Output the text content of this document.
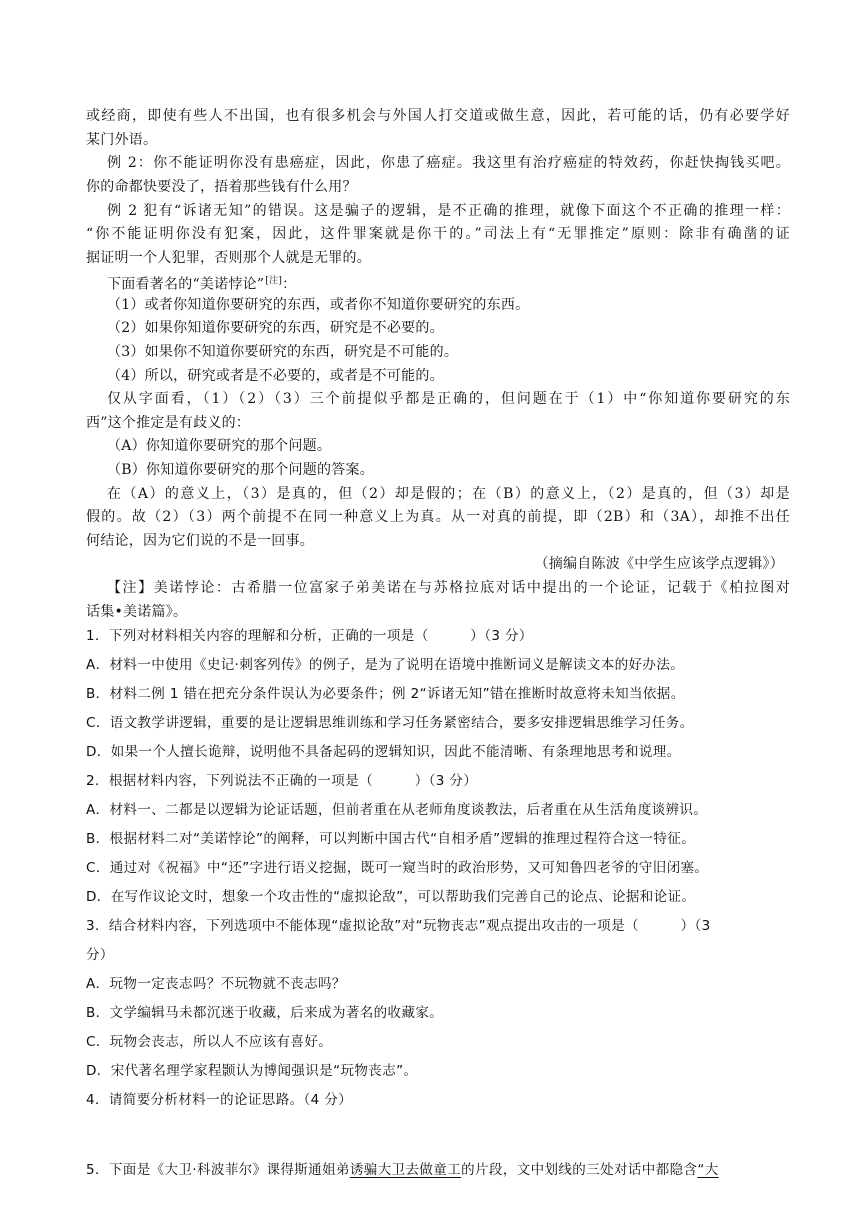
或经商，即使有些人不出国，也有很多机会与外国人打交道或做生意，因此，若可能的话，仍有必要学好
某门外语。
例 2：你不能证明你没有患癌症，因此，你患了癌症。我这里有治疗癌症的特效药，你赶快掏钱买吧。
你的命都快要没了，捂着那些钱有什么用？
例 2 犯有“诉诸无知”的错误。这是骗子的逻辑，是不正确的推理，就像下面这个不正确的推理一样：
“你不能证明你没有犯案，因此，这件罪案就是你干的。”司法上有“无罪推定”原则：除非有确凿的证
据证明一个人犯罪，否则那个人就是无罪的。
下面看著名的“美诺悖论”[注]：
（1）或者你知道你要研究的东西，或者你不知道你要研究的东西。
（2）如果你知道你要研究的东西，研究是不必要的。
（3）如果你不知道你要研究的东西，研究是不可能的。
（4）所以，研究或者是不必要的，或者是不可能的。
仅从字面看，（1）（2）（3）三个前提似乎都是正确的，但问题在于（1）中“你知道你要研究的东
西”这个推定是有歧义的：
（A）你知道你要研究的那个问题。
（B）你知道你要研究的那个问题的答案。
在（A）的意义上，（3）是真的，但（2）却是假的；在（B）的意义上，（2）是真的，但（3）却是
假的。故（2）（3）两个前提不在同一种意义上为真。从一对真的前提，即（2B）和（3A），却推不出任
何结论，因为它们说的不是一回事。
（摘编自陈波《中学生应该学点逻辑》）
【注】美诺悖论：古希腊一位富家子弟美诺在与苏格拉底对话中提出的一个论证，记载于《柏拉图对
话集•美诺篇》。
1．下列对材料相关内容的理解和分析，正确的一项是（　　　）（3 分）
A．材料一中使用《史记·刺客列传》的例子，是为了说明在语境中推断词义是解读文本的好办法。
B．材料二例 1 错在把充分条件误认为必要条件；例 2“诉诸无知”错在推断时故意将未知当依据。
C．语文教学讲逻辑，重要的是让逻辑思维训练和学习任务紧密结合，要多安排逻辑思维学习任务。
D．如果一个人擅长诡辩，说明他不具备起码的逻辑知识，因此不能清晰、有条理地思考和说理。
2．根据材料内容，下列说法不正确的一项是（　　　）（3 分）
A．材料一、二都是以逻辑为论证话题，但前者重在从老师角度谈教法，后者重在从生活角度谈辨识。
B．根据材料二对“美诺悖论”的阐释，可以判断中国古代“自相矛盾”逻辑的推理过程符合这一特征。
C．通过对《祝福》中“还”字进行语义挖掘，既可一窥当时的政治形势，又可知鲁四老爷的守旧闭塞。
D．在写作议论文时，想象一个攻击性的“虚拟论敌”，可以帮助我们完善自己的论点、论据和论证。
3．结合材料内容，下列选项中不能体现“虚拟论敌”对“玩物丧志”观点提出攻击的一项是（　　　）（3
分）
A．玩物一定丧志吗？不玩物就不丧志吗？
B．文学编辑马未都沉迷于收藏，后来成为著名的收藏家。
C．玩物会丧志，所以人不应该有喜好。
D．宋代著名理学家程颢认为博闻强识是“玩物丧志”。
4．请简要分析材料一的论证思路。（4 分）
5．下面是《大卫·科波菲尔》课得斯通姐弟诱骗大卫去做童工的片段，文中划线的三处对话中都隐含“大
